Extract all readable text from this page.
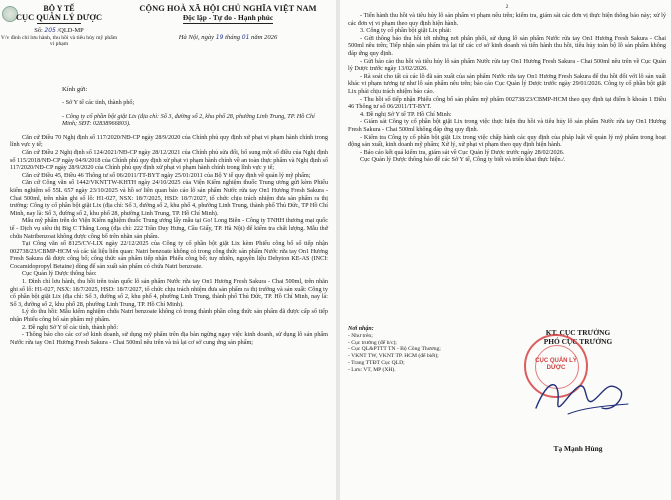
BỘ Y TẾ
CỤC QUẢN LÝ DƯỢC
Số: 205 /QLD-MP
V/v đình chỉ lưu hành, thu hồi và tiêu hủy mỹ phẩm vi phạm
CỘNG HOÀ XÃ HỘI CHỦ NGHĨA VIỆT NAM
Độc lập - Tự do - Hạnh phúc
Hà Nội, ngày 19 tháng 01 năm 2026
Kính gửi:

- Sở Y tế các tỉnh, thành phố;

- Công ty cổ phần bột giặt Lix (địa chỉ: Số 3, đường số 2, khu phố 28, phường Linh Trung, TP. Hồ Chí Minh; SĐT: 02838966803).

Căn cứ Điều 70 Nghị định số 117/2020/NĐ-CP ngày 28/9/2020 của Chính phủ quy định xử phạt vi phạm hành chính trong lĩnh vực y tế;

Căn cứ Điều 2 Nghị định số 124/2021/NĐ-CP ngày 28/12/2021 của Chính phủ sửa đổi, bổ sung một số điều của Nghị định số 115/2018/NĐ-CP ngày 04/9/2018 của Chính phủ quy định xử phạt vi phạm hành chính về an toàn thực phẩm và Nghị định số 117/2020/NĐ-CP ngày 28/9/2020 của Chính phủ quy định xử phạt vi phạm hành chính trong lĩnh vực y tế;

Căn cứ Điều 45, Điều 46 Thông tư số 06/2011/TT-BYT ngày 25/01/2011 của Bộ Y tế quy định về quản lý mỹ phẩm;

Căn cứ Công văn số 1442/VKNTTW-KHTH ngày 24/10/2025 của Viện Kiểm nghiệm thuốc Trung ương gửi kèm Phiếu kiểm nghiệm số 55L 657 ngày 23/10/2025 và hồ sơ liên quan báo cáo lô sản phẩm Nước rửa tay On1 Hương Fresh Sakura - Chai 500ml, trên nhãn ghi số lô: H1-027, NSX: 18/7/2025, HSD: 18/7/2027, tổ chức chịu trách nhiệm đưa sản phẩm ra thị trường: Công ty cổ phần bột giặt Lix (địa chỉ: Số 3, đường số 2, khu phố 4, phường Linh Trung, thành phố Thủ Đức, TP Hồ Chí Minh, nay là: Số 3, đường số 2, khu phố 28, phường Linh Trung, TP. Hồ Chí Minh).

Mẫu mỹ phẩm trên do Viện Kiểm nghiệm thuốc Trung ương lấy mẫu tại Go! Long Biên - Công ty TNHH thương mại quốc tế - Dịch vụ siêu thị Big C Thăng Long (địa chỉ: 222 Trần Duy Hưng, Cầu Giấy, TP. Hà Nội) để kiểm tra chất lượng. Mẫu thử chứa Natribenzoat không được công bố trên nhãn sản phẩm.

Tại Công văn số 8125/CV-LIX ngày 22/12/2025 của Công ty cổ phần bột giặt Lix kèm Phiếu công bố số tiếp nhận 002738/23/CBMP-HCM và các tài liệu liên quan: Natri benzoate không có trong công thức sản phẩm Nước rửa tay On1 Hương Fresh Sakura đã được công bố; công thức sản phẩm tiếp nhận Phiếu công bố; tuy nhiên, nguyên liệu Dehyton KE-AS (INCI: Cocamidopropyl Betaine) dùng để sản xuất sản phẩm có chứa Natri benzoate.

Cục Quản lý Dược thông báo:

1. Đình chỉ lưu hành, thu hồi trên toàn quốc lô sản phẩm Nước rửa tay On1 Hương Fresh Sakura - Chai 500ml, trên nhãn ghi số lô: H1-027, NSX: 18/7/2025, HSD: 18/7/2027, tổ chức chịu trách nhiệm đưa sản phẩm ra thị trường và sản xuất: Công ty cổ phần bột giặt Lix (địa chỉ: Số 3, đường số 2, khu phố 4, phường Linh Trung, thành phố Thủ Đức, TP. Hồ Chí Minh, nay là: Số 3, đường số 2, khu phố 28, phường Linh Trung, TP. Hồ Chí Minh).

Lý do thu hồi: Mẫu kiểm nghiệm chứa Natri benzoate không có trong thành phần công thức sản phẩm đã được cấp số tiếp nhận Phiếu công bố sản phẩm mỹ phẩm.

2. Đề nghị Sở Y tế các tỉnh, thành phố:

- Thông báo cho các cơ sở kinh doanh, sử dụng mỹ phẩm trên địa bàn ngừng ngay việc kinh doanh, sử dụng lô sản phẩm Nước rửa tay On1 Hương Fresh Sakura - Chai 500ml nêu trên và trả lại cơ sở cung ứng sản phẩm;

2

- Tiến hành thu hồi và tiêu hủy lô sản phẩm vi phạm nêu trên; kiểm tra, giám sát các đơn vị thực hiện thông báo này; xử lý các đơn vị vi phạm theo quy định hiện hành.

3. Công ty cổ phần bột giặt Lix phải:

- Gửi thông báo thu hồi tới những nơi phân phối, sử dụng lô sản phẩm Nước rửa tay On1 Hương Fresh Sakura - Chai 500ml nêu trên; Tiếp nhận sản phẩm trả lại từ các cơ sở kinh doanh và tiến hành thu hồi, tiêu hủy toàn bộ lô sản phẩm không đáp ứng quy định.

- Gửi báo cáo thu hồi và tiêu hủy lô sản phẩm Nước rửa tay On1 Hương Fresh Sakura - Chai 500ml nêu trên về Cục Quản lý Dược trước ngày 13/02/2026.

- Rà soát cho tất cả các lô đã sản xuất của sản phẩm Nước rửa tay On1 Hương Fresh Sakura để thu hồi đối với lô sản xuất khác vi phạm tương tự như lô sản phẩm nêu trên; báo cáo Cục Quản lý Dược trước ngày 29/01/2026. Công ty cổ phần bột giặt Lix phải chịu trách nhiệm báo cáo.

- Thu hồi số tiếp nhận Phiếu công bố sản phẩm mỹ phẩm 002738/23/CBMP-HCM theo quy định tại điểm b khoản 1 Điều 46 Thông tư số 06/2011/TT-BYT.

4. Đề nghị Sở Y tế TP. Hồ Chí Minh:

- Giám sát Công ty cổ phần bột giặt Lix trong việc thực hiện thu hồi và tiêu hủy lô sản phẩm Nước rửa tay On1 Hương Fresh Sakura - Chai 500ml không đáp ứng quy định.

- Kiểm tra Công ty cổ phần bột giặt Lix trong việc chấp hành các quy định của pháp luật về quản lý mỹ phẩm trong hoạt động sản xuất, kinh doanh mỹ phẩm; Xử lý, xử phạt vi phạm theo quy định hiện hành.

- Báo cáo kết quả kiểm tra, giám sát về Cục Quản lý Dược trước ngày 28/02/2026.

Cục Quản lý Dược thông báo để các Sở Y tế, Công ty biết và triển khai thực hiện./.

Nơi nhận:
- Như trên;
- Cục trưởng (để b/c);
- Cục QL&PTTT TN - Bộ Công Thương;
- VKNT TW, VKNT TP. HCM (để biết);
- Trang TTĐT Cục QLD;
- Lưu: VT, MP (XH).
KT. CỤC TRƯỞNG
PHÓ CỤC TRƯỞNG
CỤC QUẢN LÝ DƯỢC
Tạ Mạnh Hùng
